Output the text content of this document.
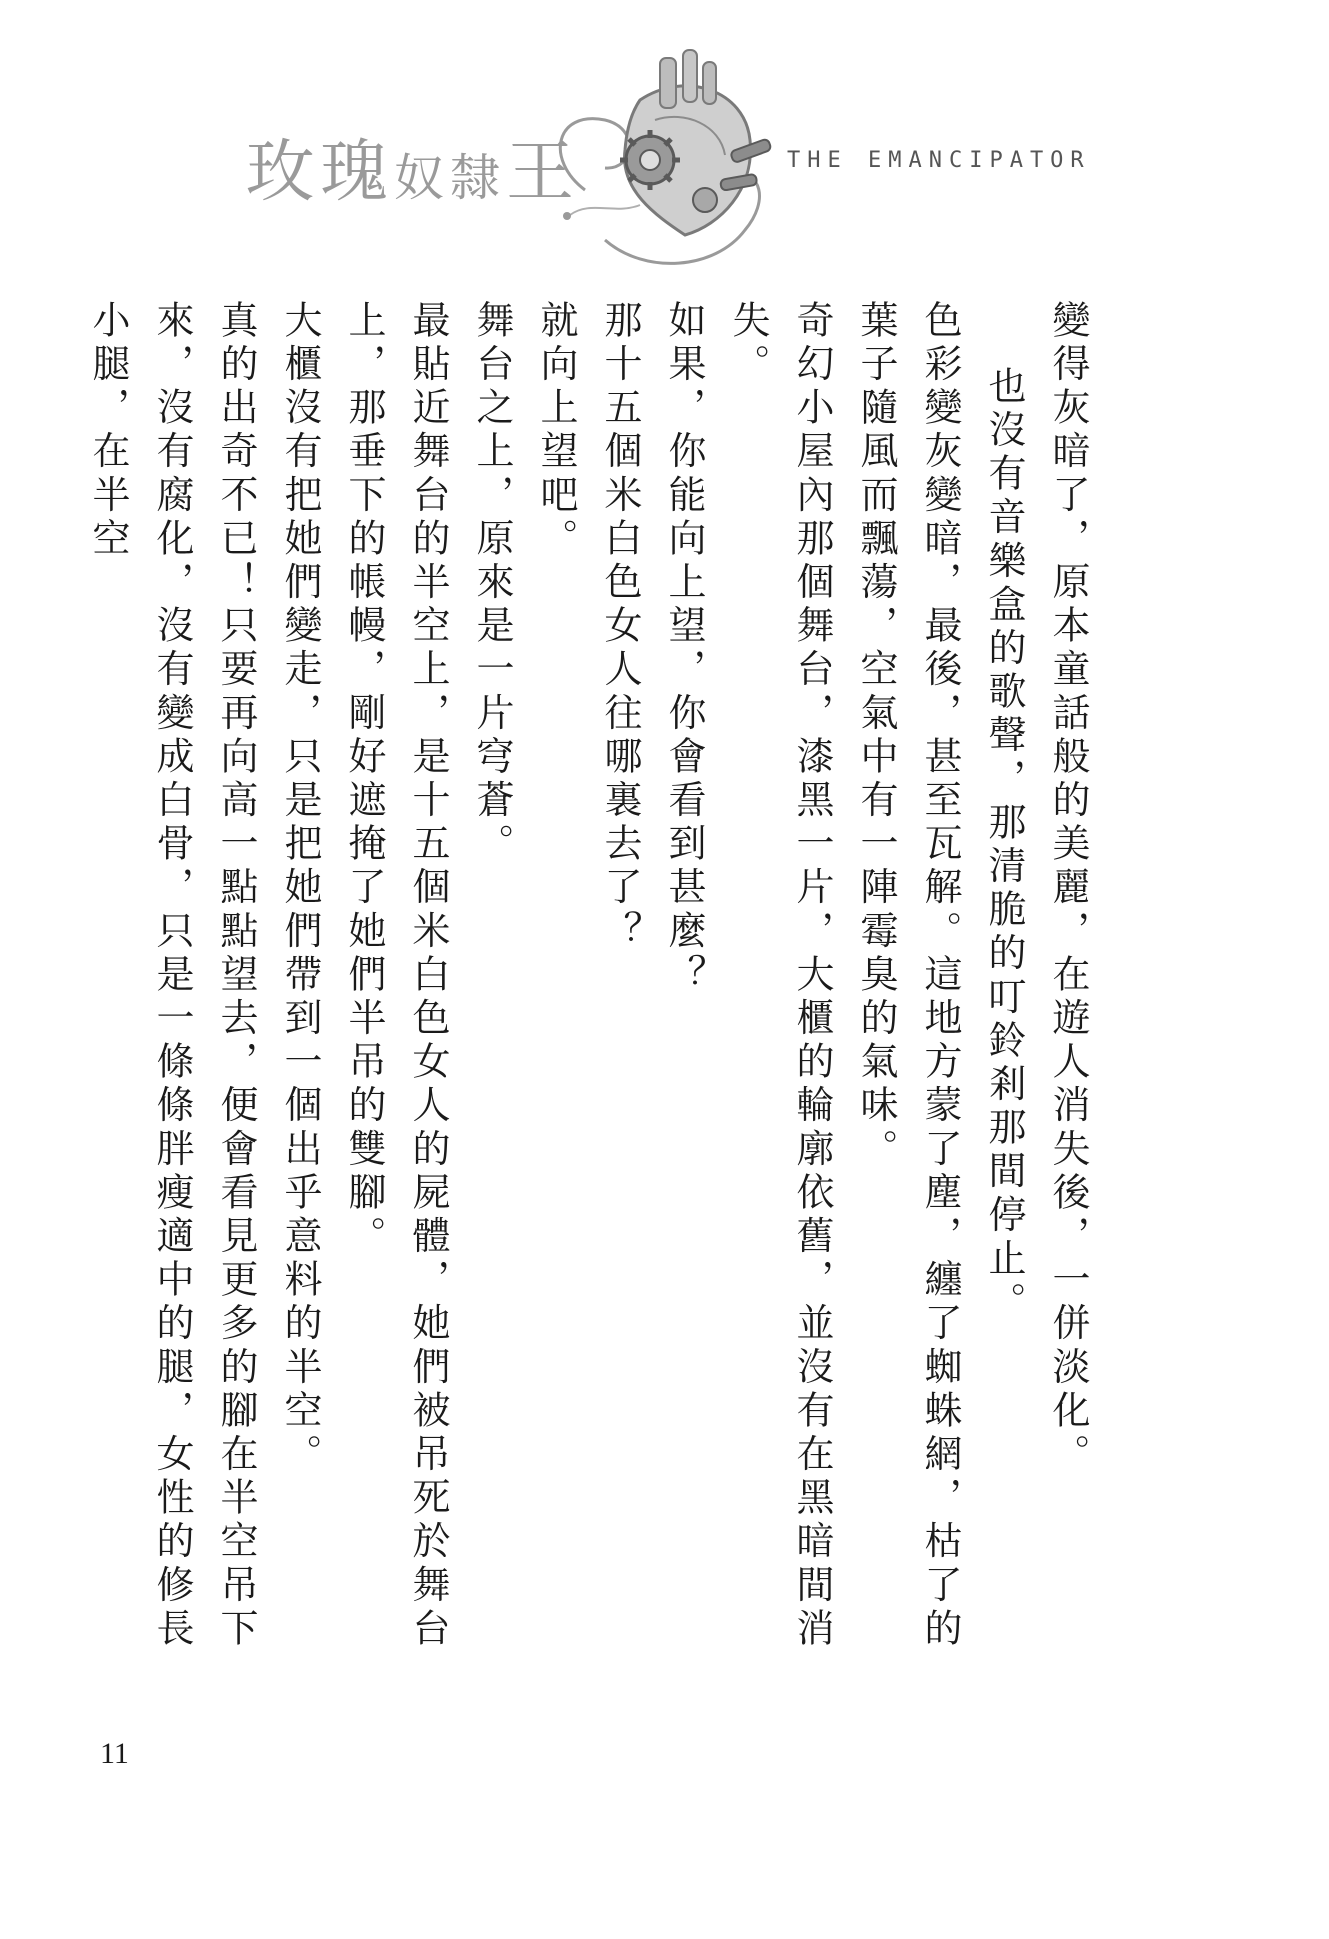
玫瑰奴隸王	THE EMANCIPATOR

變得灰暗了，原本童話般的美麗，在遊人消失後，一併淡化。

也沒有音樂盒的歌聲，那清脆的叮鈴剎那間停止。

色彩變灰變暗，最後，甚至瓦解。這地方蒙了塵，纏了蜘蛛網，枯了的葉子隨風而飄蕩，空氣中有一陣霉臭的氣味。

奇幻小屋內那個舞台，漆黑一片，大櫃的輪廓依舊，並沒有在黑暗間消失。

如果，你能向上望，你會看到甚麼？

那十五個米白色女人往哪裏去了？

就向上望吧。

舞台之上，原來是一片穹蒼。

最貼近舞台的半空上，是十五個米白色女人的屍體，她們被吊死於舞台上，那垂下的帳幔，剛好遮掩了她們半吊的雙腳。

大櫃沒有把她們變走，只是把她們帶到一個出乎意料的半空。

真的出奇不已！只要再向高一點點望去，便會看見更多的腳在半空吊下來，沒有腐化，沒有變成白骨，只是一條條胖瘦適中的腿，女性的修長小腿，在半空

11
